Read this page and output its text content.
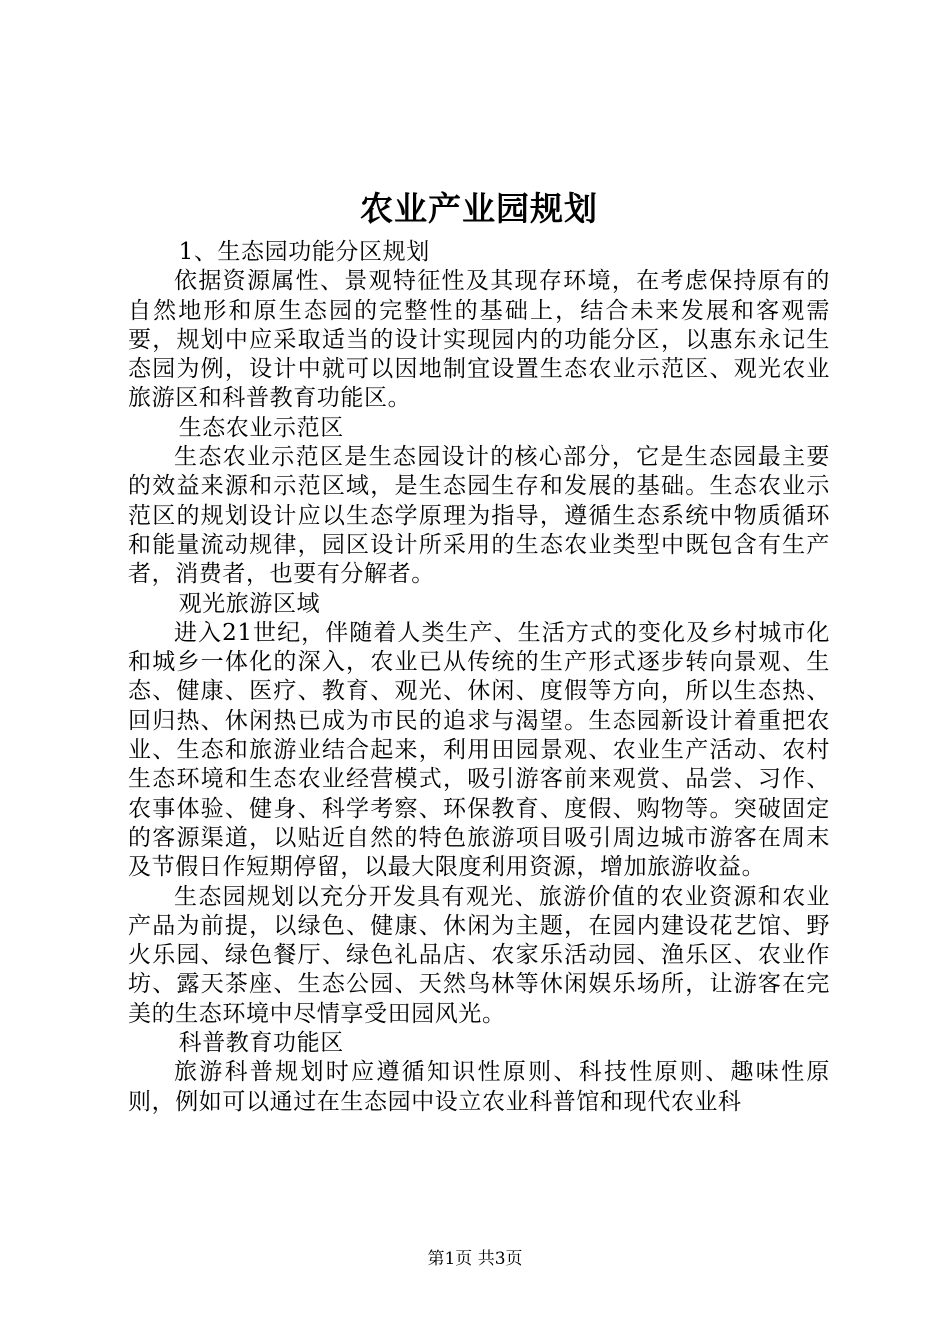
农业产业园规划

1、生态园功能分区规划

依据资源属性、景观特征性及其现存环境，在考虑保持原有的自然地形和原生态园的完整性的基础上，结合未来发展和客观需要，规划中应采取适当的设计实现园内的功能分区，以惠东永记生态园为例，设计中就可以因地制宜设置生态农业示范区、观光农业旅游区和科普教育功能区。

生态农业示范区

生态农业示范区是生态园设计的核心部分，它是生态园最主要的效益来源和示范区域，是生态园生存和发展的基础。生态农业示范区的规划设计应以生态学原理为指导，遵循生态系统中物质循环和能量流动规律，园区设计所采用的生态农业类型中既包含有生产者，消费者，也要有分解者。

观光旅游区域

进入21世纪，伴随着人类生产、生活方式的变化及乡村城市化和城乡一体化的深入，农业已从传统的生产形式逐步转向景观、生态、健康、医疗、教育、观光、休闲、度假等方向，所以生态热、回归热、休闲热已成为市民的追求与渴望。生态园新设计着重把农业、生态和旅游业结合起来，利用田园景观、农业生产活动、农村生态环境和生态农业经营模式，吸引游客前来观赏、品尝、习作、农事体验、健身、科学考察、环保教育、度假、购物等。突破固定的客源渠道，以贴近自然的特色旅游项目吸引周边城市游客在周末及节假日作短期停留，以最大限度利用资源，增加旅游收益。

生态园规划以充分开发具有观光、旅游价值的农业资源和农业产品为前提，以绿色、健康、休闲为主题，在园内建设花艺馆、野火乐园、绿色餐厅、绿色礼品店、农家乐活动园、渔乐区、农业作坊、露天茶座、生态公园、天然鸟林等休闲娱乐场所，让游客在完美的生态环境中尽情享受田园风光。

科普教育功能区

旅游科普规划时应遵循知识性原则、科技性原则、趣味性原则，例如可以通过在生态园中设立农业科普馆和现代农业科

第1页 共3页
